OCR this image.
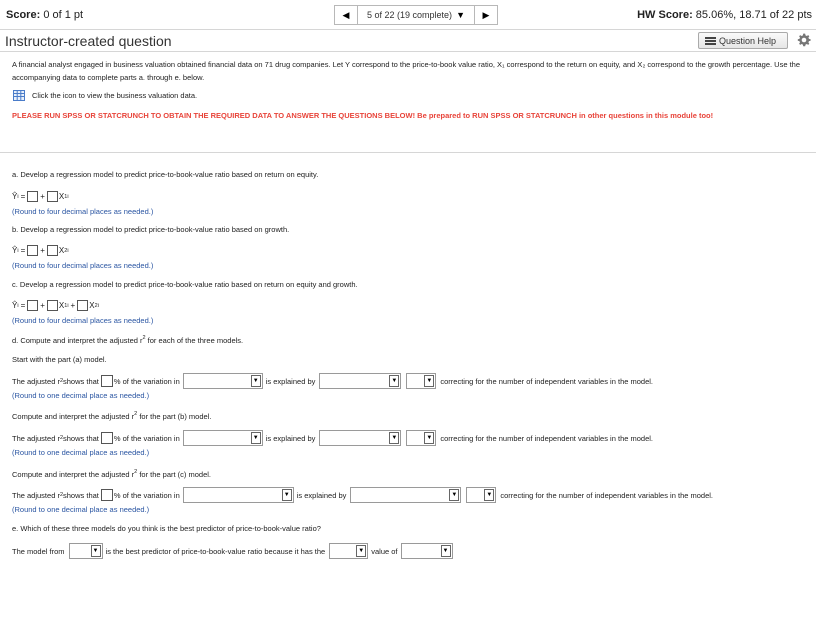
Score: 0 of 1 pt	◀ 5 of 22 (19 complete) ▼ ▶	HW Score: 85.06%, 18.71 of 22 pts
Instructor-created question	Question Help
A financial analyst engaged in business valuation obtained financial data on 71 drug companies. Let Y correspond to the price-to-book value ratio, X₁ correspond to the return on equity, and X₂ correspond to the growth percentage. Use the accompanying data to complete parts a. through e. below.
Click the icon to view the business valuation data.
PLEASE RUN SPSS OR STATCRUNCH TO OBTAIN THE REQUIRED DATA TO ANSWER THE QUESTIONS BELOW! Be prepared to RUN SPSS OR STATCRUNCH in other questions in this module too!
a. Develop a regression model to predict price-to-book-value ratio based on return on equity.
Ŷ i = + X 1i
(Round to four decimal places as needed.)
b. Develop a regression model to predict price-to-book-value ratio based on growth.
Ŷ i = + X 2i
(Round to four decimal places as needed.)
c. Develop a regression model to predict price-to-book-value ratio based on return on equity and growth.
Ŷ i = + X 1i + X 2i
(Round to four decimal places as needed.)
d. Compute and interpret the adjusted $r^2$ for each of the three models.
Start with the part (a) model.
The adjusted r 2 shows that % of the variation in	▼ is explained by	▼	▼ correcting for the number of independent variables in the model.
(Round to one decimal place as needed.)
Compute and interpret the adjusted $r^2$ for the part (b) model.
The adjusted r 2 shows that % of the variation in	▼ is explained by	▼	▼ correcting for the number of independent variables in the model.
(Round to one decimal place as needed.)
Compute and interpret the adjusted $r^2$ for the part (c) model.
The adjusted r 2 shows that % of the variation in	▼ is explained by	▼	▼ correcting for the number of independent variables in the model.
(Round to one decimal place as needed.)
e. Which of these three models do you think is the best predictor of price-to-book-value ratio?
The model from	▼ is the best predictor of price-to-book-value ratio because it has the	▼ value of	▼
